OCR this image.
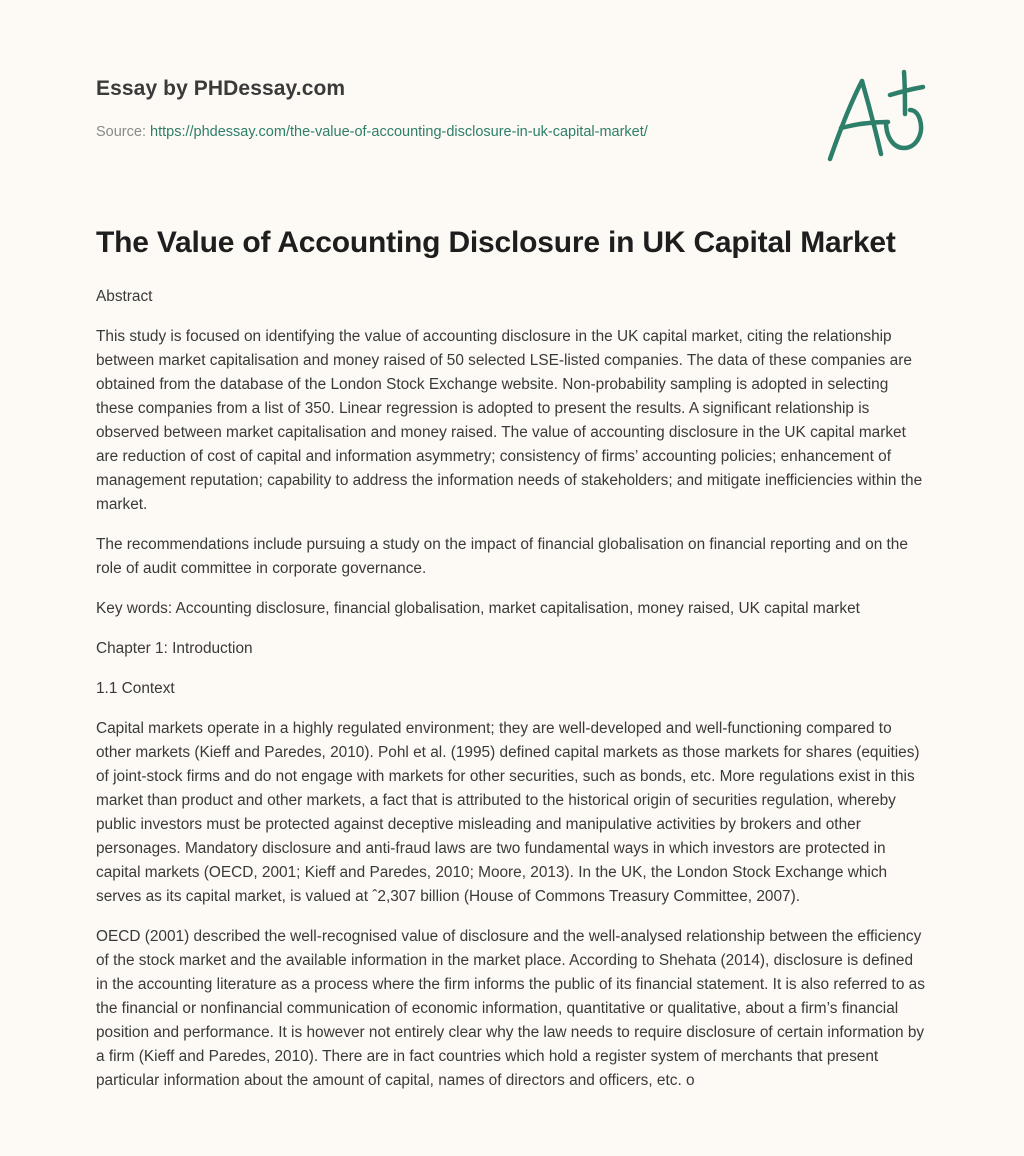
Essay by PHDessay.com
Source: https://phdessay.com/the-value-of-accounting-disclosure-in-uk-capital-market/
The Value of Accounting Disclosure in UK Capital Market

Abstract

This study is focused on identifying the value of accounting disclosure in the UK capital market, citing the relationship between market capitalisation and money raised of 50 selected LSE-listed companies. The data of these companies are obtained from the database of the London Stock Exchange website. Non-probability sampling is adopted in selecting these companies from a list of 350. Linear regression is adopted to present the results. A significant relationship is observed between market capitalisation and money raised. The value of accounting disclosure in the UK capital market are reduction of cost of capital and information asymmetry; consistency of firms’ accounting policies; enhancement of management reputation; capability to address the information needs of stakeholders; and mitigate inefficiencies within the market.

The recommendations include pursuing a study on the impact of financial globalisation on financial reporting and on the role of audit committee in corporate governance.

Key words: Accounting disclosure, financial globalisation, market capitalisation, money raised, UK capital market

Chapter 1: Introduction

1.1 Context

Capital markets operate in a highly regulated environment; they are well-developed and well-functioning compared to other markets (Kieff and Paredes, 2010). Pohl et al. (1995) defined capital markets as those markets for shares (equities) of joint-stock firms and do not engage with markets for other securities, such as bonds, etc. More regulations exist in this market than product and other markets, a fact that is attributed to the historical origin of securities regulation, whereby public investors must be protected against deceptive misleading and manipulative activities by brokers and other personages. Mandatory disclosure and anti-fraud laws are two fundamental ways in which investors are protected in capital markets (OECD, 2001; Kieff and Paredes, 2010; Moore, 2013). In the UK, the London Stock Exchange which serves as its capital market, is valued at ˆ2,307 billion (House of Commons Treasury Committee, 2007).

OECD (2001) described the well-recognised value of disclosure and the well-analysed relationship between the efficiency of the stock market and the available information in the market place. According to Shehata (2014), disclosure is defined in the accounting literature as a process where the firm informs the public of its financial statement. It is also referred to as the financial or nonfinancial communication of economic information, quantitative or qualitative, about a firm’s financial position and performance. It is however not entirely clear why the law needs to require disclosure of certain information by a firm (Kieff and Paredes, 2010). There are in fact countries which hold a register system of merchants that present particular information about the amount of capital, names of directors and officers, etc. o
